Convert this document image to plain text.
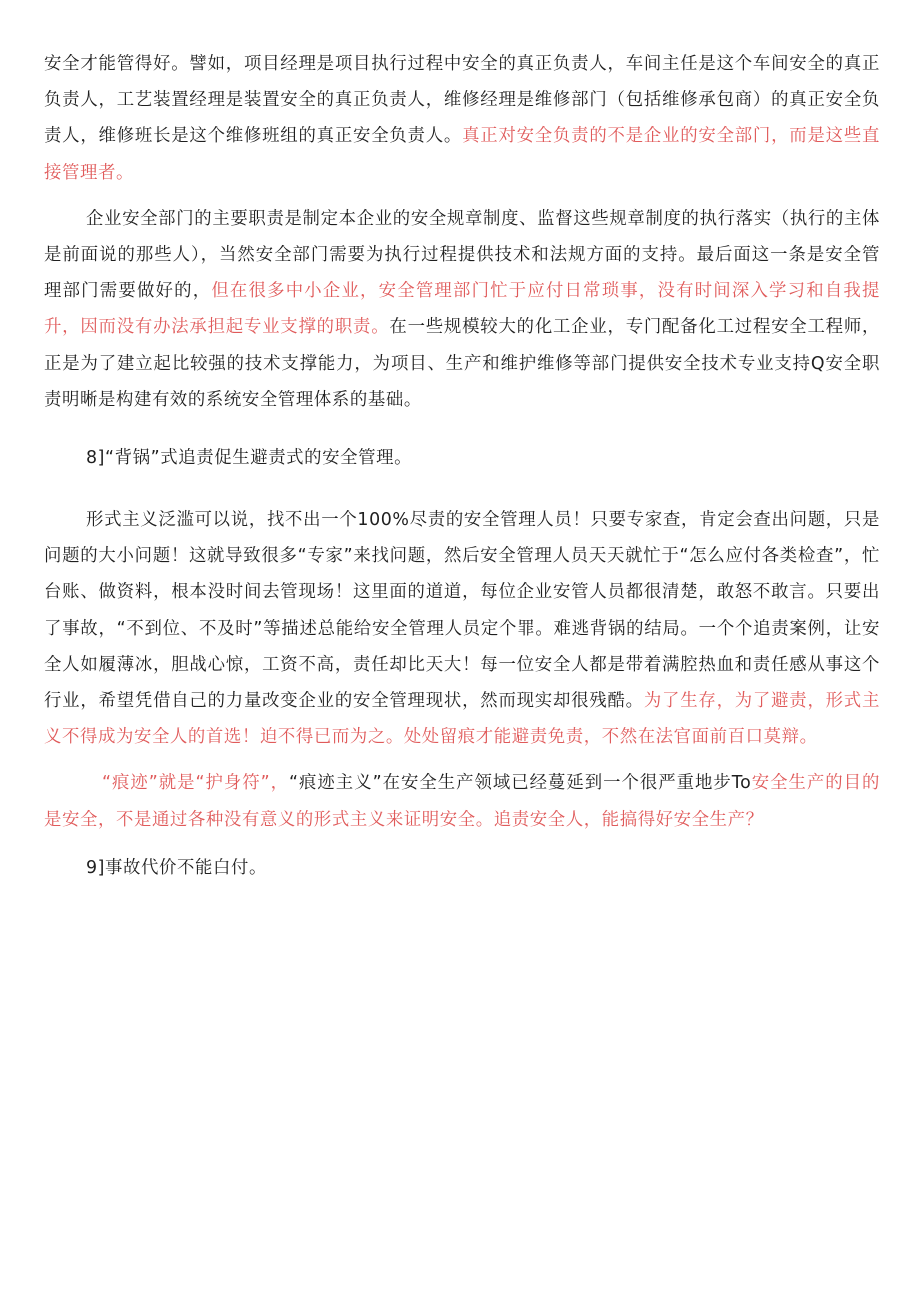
安全才能管得好。譬如，项目经理是项目执行过程中安全的真正负责人，车间主任是这个车间安全的真正负责人，工艺装置经理是装置安全的真正负责人，维修经理是维修部门（包括维修承包商）的真正安全负责人，维修班长是这个维修班组的真正安全负责人。真正对安全负责的不是企业的安全部门，而是这些直接管理者。

企业安全部门的主要职责是制定本企业的安全规章制度、监督这些规章制度的执行落实（执行的主体是前面说的那些人），当然安全部门需要为执行过程提供技术和法规方面的支持。最后面这一条是安全管理部门需要做好的，但在很多中小企业，安全管理部门忙于应付日常琐事，没有时间深入学习和自我提升，因而没有办法承担起专业支撑的职责。在一些规模较大的化工企业，专门配备化工过程安全工程师，正是为了建立起比较强的技术支撑能力，为项目、生产和维护维修等部门提供安全技术专业支持Q安全职责明晰是构建有效的系统安全管理体系的基础。

8]“背锅”式追责促生避责式的安全管理。

形式主义泛滥可以说，找不出一个100%尽责的安全管理人员！只要专家查，肯定会查出问题，只是问题的大小问题！这就导致很多“专家”来找问题，然后安全管理人员天天就忙于“怎么应付各类检查”，忙台账、做资料，根本没时间去管现场！这里面的道道，每位企业安管人员都很清楚，敢怒不敢言。只要出了事故，“不到位、不及时”等描述总能给安全管理人员定个罪。难逃背锅的结局。一个个追责案例，让安全人如履薄冰，胆战心惊，工资不高，责任却比天大！每一位安全人都是带着满腔热血和责任感从事这个行业，希望凭借自己的力量改变企业的安全管理现状，然而现实却很残酷。为了生存，为了避责，形式主义不得成为安全人的首选！迫不得已而为之。处处留痕才能避责免责，不然在法官面前百口莫辩。

“痕迹”就是“护身符”，“痕迹主义”在安全生产领域已经蔓延到一个很严重地步To安全生产的目的是安全，不是通过各种没有意义的形式主义来证明安全。追责安全人，能搞得好安全生产？

9]事故代价不能白付。
